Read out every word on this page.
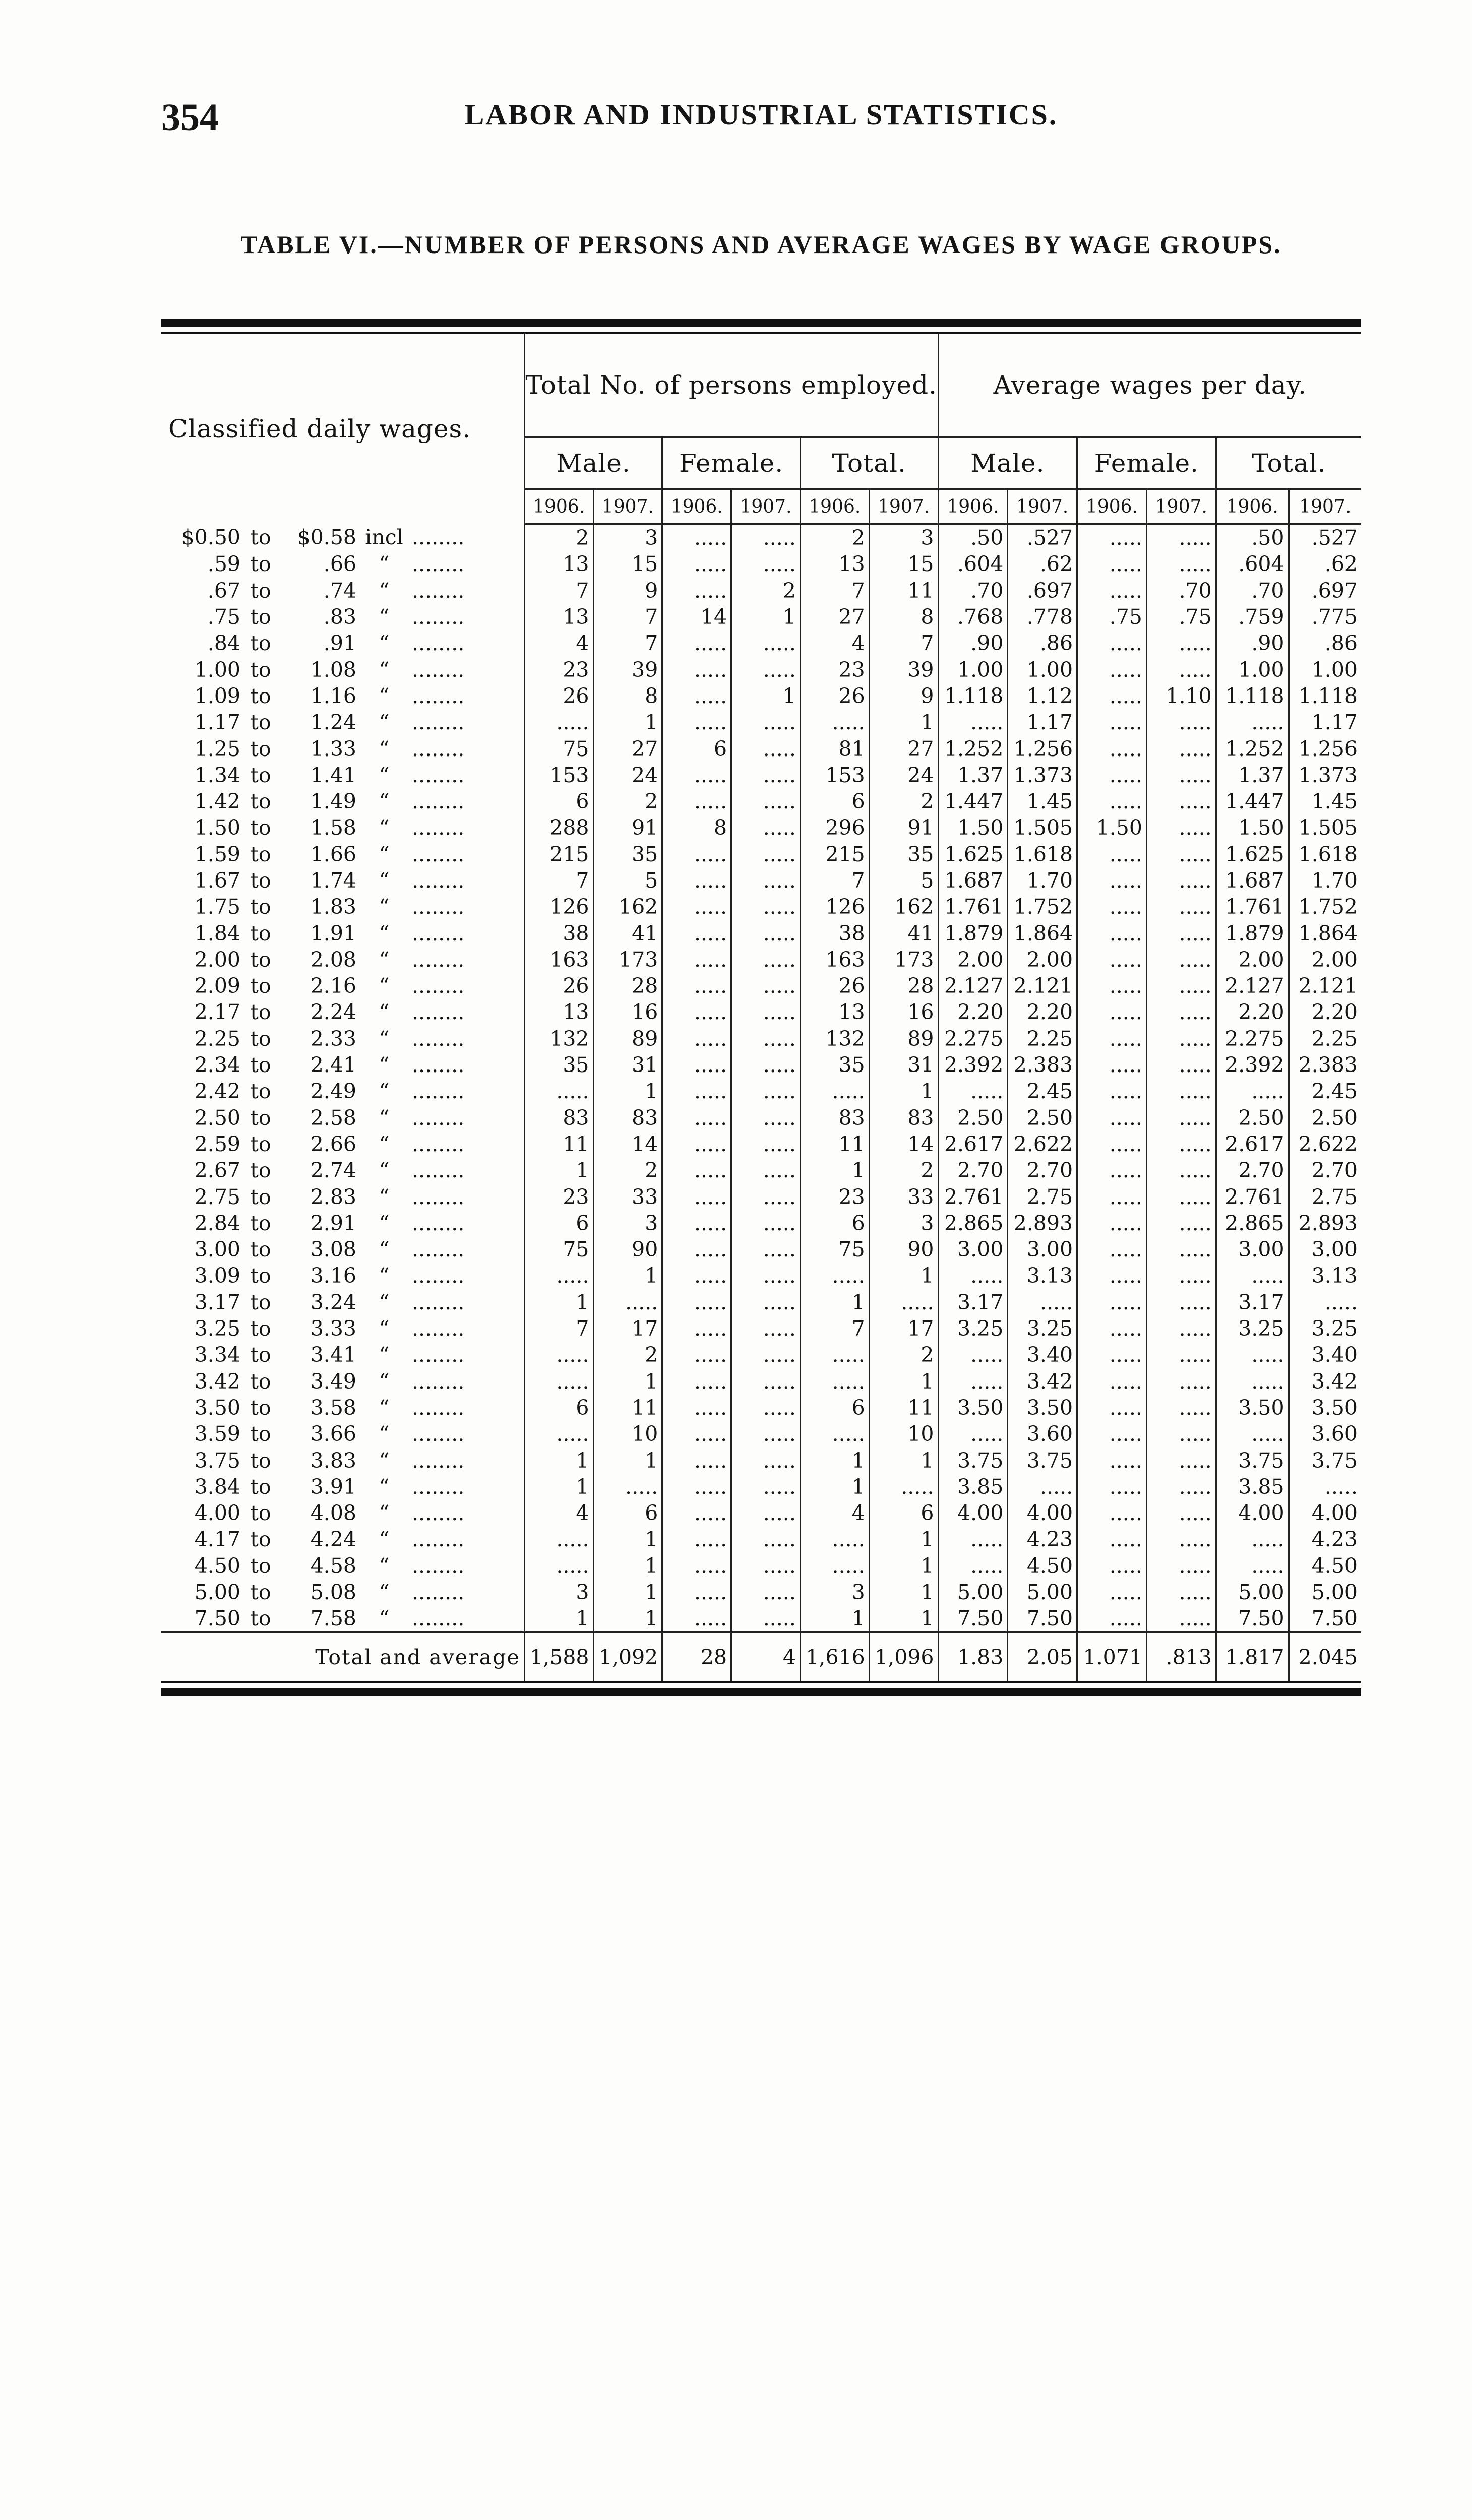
354	LABOR AND INDUSTRIAL STATISTICS.
TABLE VI.—NUMBER OF PERSONS AND AVERAGE WAGES BY WAGE GROUPS.
Classified daily wages.	Total No. of persons employed.						Average wages per day.					
	Male.		Female.		Total.		Male.		Female.		Total.	
	1906.	1907.	1906.	1907.	1906.	1907.	1906.	1907.	1906.	1907.	1906.	1907.
$0.50 to $0.58 incl ........	2	3	.....	.....	2	3	.50	.527	.....	.....	.50	.527
.59 to .66 “ ........	13	15	.....	.....	13	15	.604	.62	.....	.....	.604	.62
.67 to .74 “ ........	7	9	.....	2	7	11	.70	.697	.....	.70	.70	.697
.75 to .83 “ ........	13	7	14	1	27	8	.768	.778	.75	.75	.759	.775
.84 to .91 “ ........	4	7	.....	.....	4	7	.90	.86	.....	.....	.90	.86
1.00 to 1.08 “ ........	23	39	.....	.....	23	39	1.00	1.00	.....	.....	1.00	1.00
1.09 to 1.16 “ ........	26	8	.....	1	26	9	1.118	1.12	.....	1.10	1.118	1.118
1.17 to 1.24 “ ........	.....	1	.....	.....	.....	1	.....	1.17	.....	.....	.....	1.17
1.25 to 1.33 “ ........	75	27	6	.....	81	27	1.252	1.256	.....	.....	1.252	1.256
1.34 to 1.41 “ ........	153	24	.....	.....	153	24	1.37	1.373	.....	.....	1.37	1.373
1.42 to 1.49 “ ........	6	2	.....	.....	6	2	1.447	1.45	.....	.....	1.447	1.45
1.50 to 1.58 “ ........	288	91	8	.....	296	91	1.50	1.505	1.50	.....	1.50	1.505
1.59 to 1.66 “ ........	215	35	.....	.....	215	35	1.625	1.618	.....	.....	1.625	1.618
1.67 to 1.74 “ ........	7	5	.....	.....	7	5	1.687	1.70	.....	.....	1.687	1.70
1.75 to 1.83 “ ........	126	162	.....	.....	126	162	1.761	1.752	.....	.....	1.761	1.752
1.84 to 1.91 “ ........	38	41	.....	.....	38	41	1.879	1.864	.....	.....	1.879	1.864
2.00 to 2.08 “ ........	163	173	.....	.....	163	173	2.00	2.00	.....	.....	2.00	2.00
2.09 to 2.16 “ ........	26	28	.....	.....	26	28	2.127	2.121	.....	.....	2.127	2.121
2.17 to 2.24 “ ........	13	16	.....	.....	13	16	2.20	2.20	.....	.....	2.20	2.20
2.25 to 2.33 “ ........	132	89	.....	.....	132	89	2.275	2.25	.....	.....	2.275	2.25
2.34 to 2.41 “ ........	35	31	.....	.....	35	31	2.392	2.383	.....	.....	2.392	2.383
2.42 to 2.49 “ ........	.....	1	.....	.....	.....	1	.....	2.45	.....	.....	.....	2.45
2.50 to 2.58 “ ........	83	83	.....	.....	83	83	2.50	2.50	.....	.....	2.50	2.50
2.59 to 2.66 “ ........	11	14	.....	.....	11	14	2.617	2.622	.....	.....	2.617	2.622
2.67 to 2.74 “ ........	1	2	.....	.....	1	2	2.70	2.70	.....	.....	2.70	2.70
2.75 to 2.83 “ ........	23	33	.....	.....	23	33	2.761	2.75	.....	.....	2.761	2.75
2.84 to 2.91 “ ........	6	3	.....	.....	6	3	2.865	2.893	.....	.....	2.865	2.893
3.00 to 3.08 “ ........	75	90	.....	.....	75	90	3.00	3.00	.....	.....	3.00	3.00
3.09 to 3.16 “ ........	.....	1	.....	.....	.....	1	.....	3.13	.....	.....	.....	3.13
3.17 to 3.24 “ ........	1	.....	.....	.....	1	.....	3.17	.....	.....	.....	3.17	.....
3.25 to 3.33 “ ........	7	17	.....	.....	7	17	3.25	3.25	.....	.....	3.25	3.25
3.34 to 3.41 “ ........	.....	2	.....	.....	.....	2	.....	3.40	.....	.....	.....	3.40
3.42 to 3.49 “ ........	.....	1	.....	.....	.....	1	.....	3.42	.....	.....	.....	3.42
3.50 to 3.58 “ ........	6	11	.....	.....	6	11	3.50	3.50	.....	.....	3.50	3.50
3.59 to 3.66 “ ........	.....	10	.....	.....	.....	10	.....	3.60	.....	.....	.....	3.60
3.75 to 3.83 “ ........	1	1	.....	.....	1	1	3.75	3.75	.....	.....	3.75	3.75
3.84 to 3.91 “ ........	1	.....	.....	.....	1	.....	3.85	.....	.....	.....	3.85	.....
4.00 to 4.08 “ ........	4	6	.....	.....	4	6	4.00	4.00	.....	.....	4.00	4.00
4.17 to 4.24 “ ........	.....	1	.....	.....	.....	1	.....	4.23	.....	.....	.....	4.23
4.50 to 4.58 “ ........	.....	1	.....	.....	.....	1	.....	4.50	.....	.....	.....	4.50
5.00 to 5.08 “ ........	3	1	.....	.....	3	1	5.00	5.00	.....	.....	5.00	5.00
7.50 to 7.58 “ ........	1	1	.....	.....	1	1	7.50	7.50	.....	.....	7.50	7.50
Total and average	1,588	1,092	28	4	1,616	1,096	1.83	2.05	1.071	.813	1.817	2.045
